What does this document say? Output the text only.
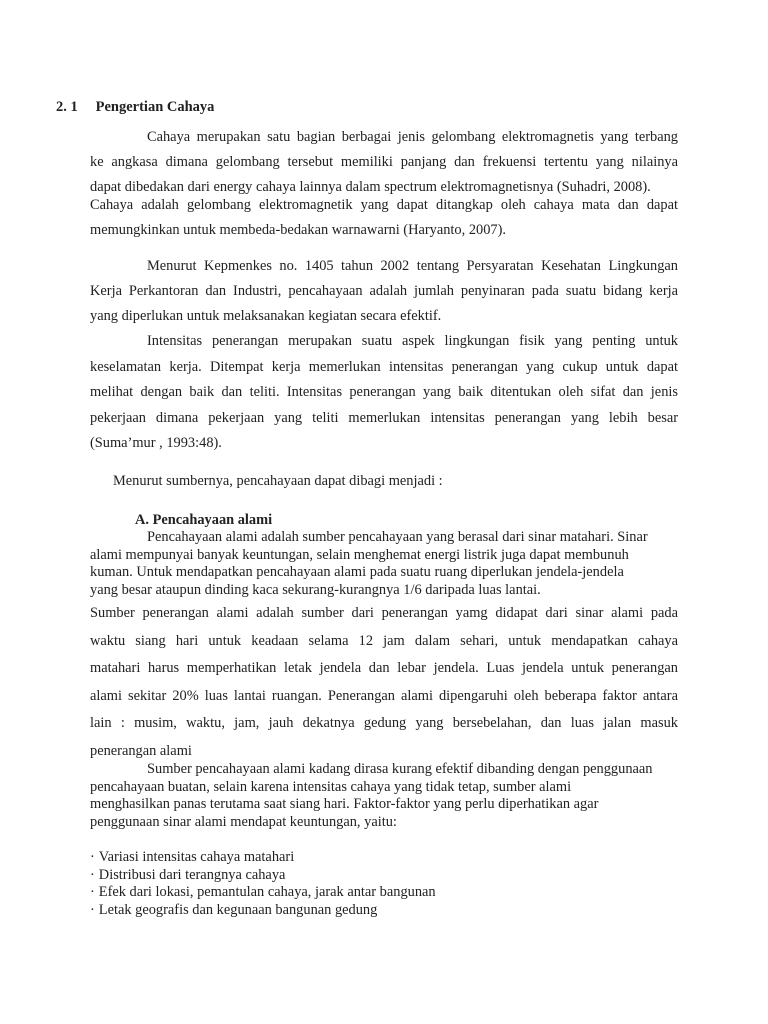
2. 1 Pengertian Cahaya
Cahaya merupakan satu bagian berbagai jenis gelombang elektromagnetis yang terbang
ke angkasa dimana gelombang tersebut memiliki panjang dan frekuensi tertentu yang nilainya
dapat dibedakan dari energy cahaya lainnya dalam spectrum elektromagnetisnya (Suhadri, 2008).
Cahaya adalah gelombang elektromagnetik yang dapat ditangkap oleh cahaya mata dan dapat
memungkinkan untuk membeda-bedakan warnawarni (Haryanto, 2007).
Menurut Kepmenkes no. 1405 tahun 2002 tentang Persyaratan Kesehatan Lingkungan
Kerja Perkantoran dan Industri, pencahayaan adalah jumlah penyinaran pada suatu bidang kerja
yang diperlukan untuk melaksanakan kegiatan secara efektif.
Intensitas penerangan merupakan suatu aspek lingkungan fisik yang penting untuk
keselamatan kerja. Ditempat kerja memerlukan intensitas penerangan yang cukup untuk dapat
melihat dengan baik dan teliti. Intensitas penerangan yang baik ditentukan oleh sifat dan jenis
pekerjaan dimana pekerjaan yang teliti memerlukan intensitas penerangan yang lebih besar
(Suma’mur , 1993:48).
Menurut sumbernya, pencahayaan dapat dibagi menjadi :
A. Pencahayaan alami
Pencahayaan alami adalah sumber pencahayaan yang berasal dari sinar matahari. Sinar
alami mempunyai banyak keuntungan, selain menghemat energi listrik juga dapat membunuh
kuman. Untuk mendapatkan pencahayaan alami pada suatu ruang diperlukan jendela-jendela
yang besar ataupun dinding kaca sekurang-kurangnya 1/6 daripada luas lantai.
Sumber penerangan alami adalah sumber dari penerangan yamg didapat dari sinar alami pada
waktu siang hari untuk keadaan selama 12 jam dalam sehari, untuk mendapatkan cahaya
matahari harus memperhatikan letak jendela dan lebar jendela. Luas jendela untuk penerangan
alami sekitar 20% luas lantai ruangan. Penerangan alami dipengaruhi oleh beberapa faktor antara
lain : musim, waktu, jam, jauh dekatnya gedung yang bersebelahan, dan luas jalan masuk
penerangan alami
Sumber pencahayaan alami kadang dirasa kurang efektif dibanding dengan penggunaan
pencahayaan buatan, selain karena intensitas cahaya yang tidak tetap, sumber alami
menghasilkan panas terutama saat siang hari. Faktor-faktor yang perlu diperhatikan agar
penggunaan sinar alami mendapat keuntungan, yaitu:
· Variasi intensitas cahaya matahari
· Distribusi dari terangnya cahaya
· Efek dari lokasi, pemantulan cahaya, jarak antar bangunan
· Letak geografis dan kegunaan bangunan gedung
